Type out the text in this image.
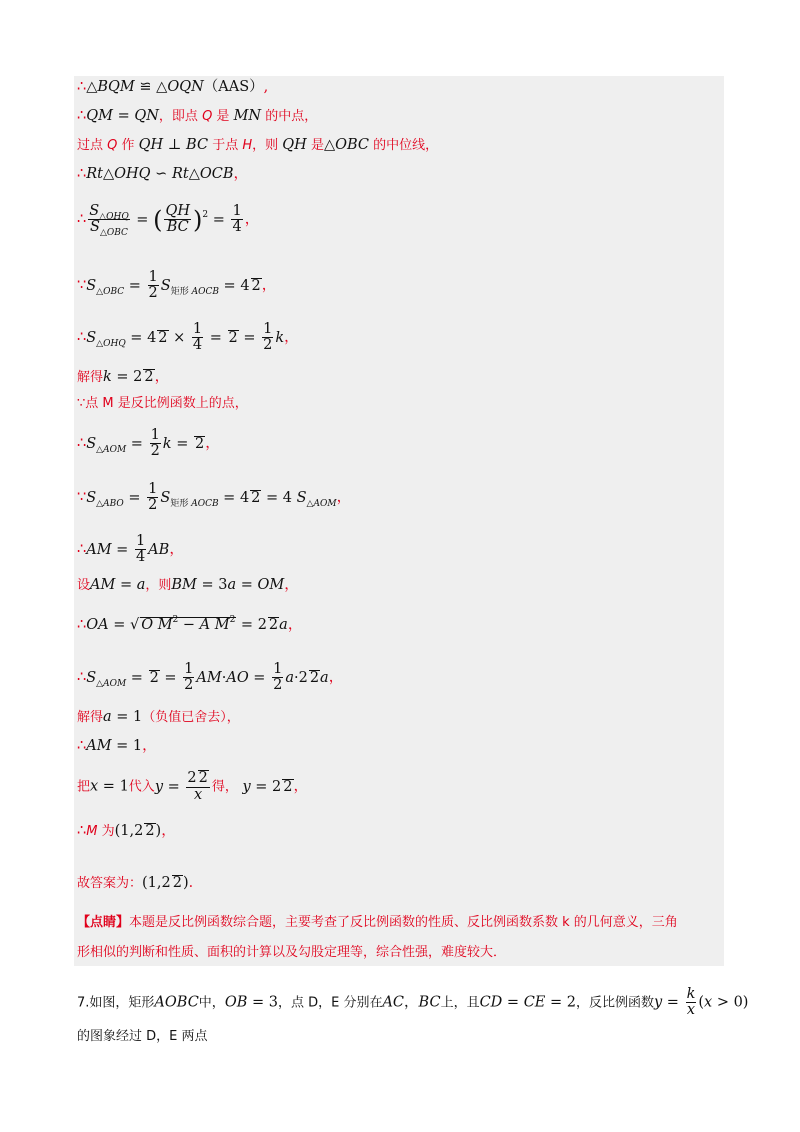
∴△BQM ≌ △OQN（AAS）,
∴QM = QN，即点 Q 是 MN 的中点，
过点 Q 作 QH ⊥ BC 于点 H，则 QH 是△OBC 的中位线，
∴Rt△OHQ ∽ Rt△OCB，
∴ $\frac{S_{\triangle OHQ}}{S_{\triangle OBC}}$ = ( $\frac{QH}{BC} )^2 = \frac{1}{4}$ ，
$\because S_{\triangle OBC} = \frac{1}{2} S_{矩形}$ $_{AOCB}$ = 4 2，
$\therefore S_{\triangle OHQ} = 4$ $2 \times \frac{1}{4} = 2 = \frac{1}{2}$ k，
解得k = 2 2，
∵点 M 是反比例函数上的点，
$\therefore S_{\triangle AOM} = \frac{1}{2}$ k = 2，
$\because S_{\triangle ABO} = \frac{1}{2} S_{矩形}$ $_{AOCB}$ = 4 2 = 4 $S_{\triangle AOM}$，
∴AM = $\frac{1}{4}$ AB，
设AM = a，则BM = 3a = OM，
∴OA = √ O $M^2 - A$ $M^2 = 2$ 2a，
$\therefore S_{\triangle AOM} = 2 = \frac{1}{2} AM\cdot AO = \frac{1}{2} a\cdot 2$ 2a，
解得a = 1（负值已舍去），
∴AM = 1，
把x = 1代入$y = \frac{2 2}{x}$ 得， y = 2 2，
∴M 为(1,2 2)，
故答案为：(1,2 2)．
【点睛】本题是反比例函数综合题，主要考查了反比例函数的性质、反比例函数系数 k 的几何意义，三角
形相似的判断和性质、面积的计算以及勾股定理等，综合性强，难度较大．
7.如图，矩形AOBC中，OB = 3，点 D，E 分别在AC，BC上，且CD = CE = 2，反比例函数$y = \frac{k}{x} (x > 0)$
的图象经过 D，E 两点
